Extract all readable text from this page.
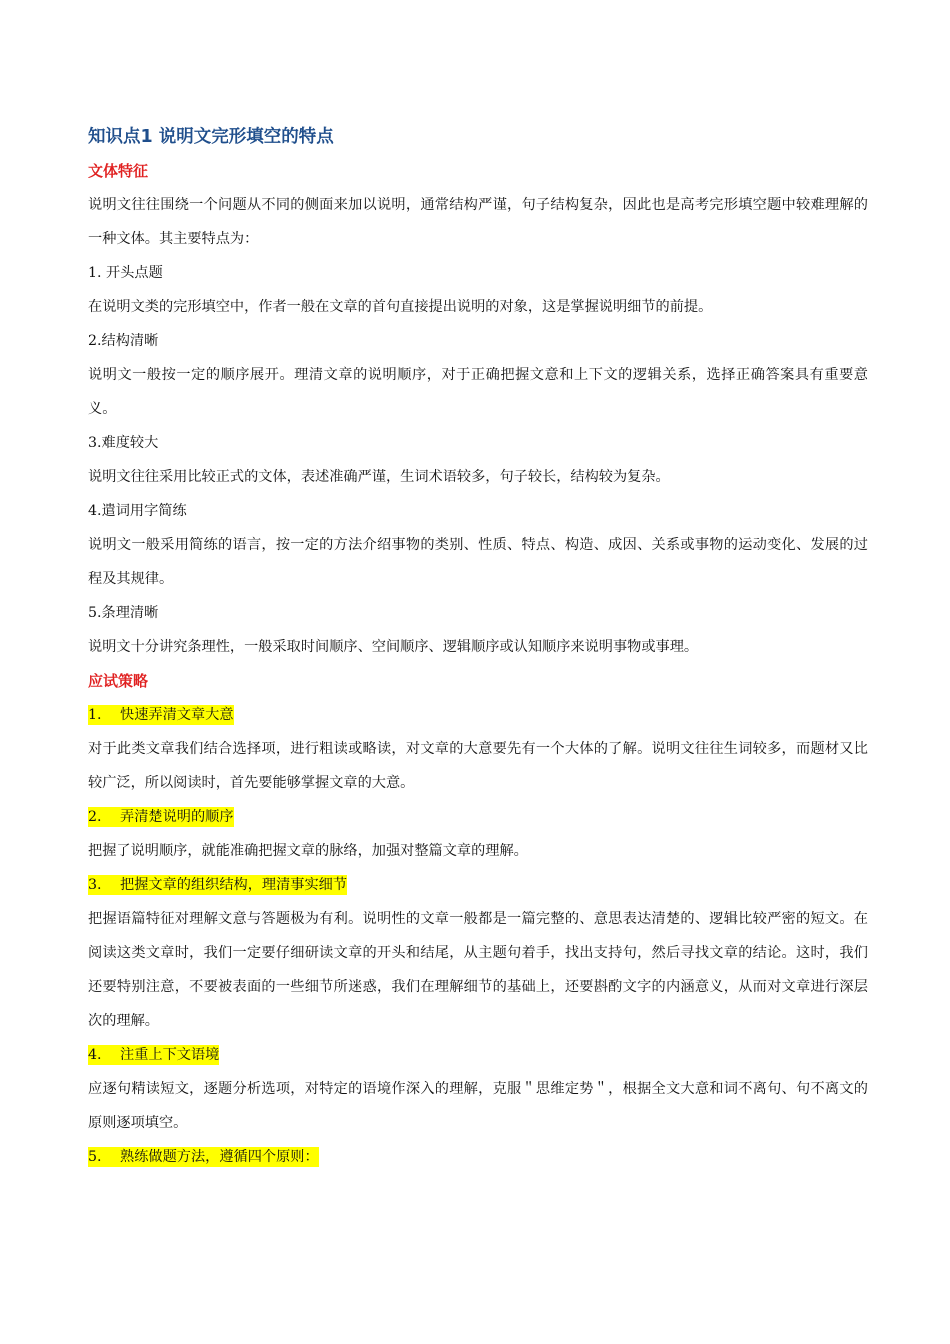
知识点1 说明文完形填空的特点
文体特征

说明文往往围绕一个问题从不同的侧面来加以说明，通常结构严谨，句子结构复杂，因此也是高考完形填空题中较难理解的一种文体。其主要特点为：

1. 开头点题

在说明文类的完形填空中，作者一般在文章的首句直接提出说明的对象，这是掌握说明细节的前提。

2.结构清晰

说明文一般按一定的顺序展开。理清文章的说明顺序，对于正确把握文意和上下文的逻辑关系，选择正确答案具有重要意义。

3.难度较大

说明文往往采用比较正式的文体，表述准确严谨，生词术语较多，句子较长，结构较为复杂。

4.遣词用字简练

说明文一般采用简练的语言，按一定的方法介绍事物的类别、性质、特点、构造、成因、关系或事物的运动变化、发展的过程及其规律。

5.条理清晰

说明文十分讲究条理性，一般采取时间顺序、空间顺序、逻辑顺序或认知顺序来说明事物或事理。

应试策略
1. 快速弄清文章大意

对于此类文章我们结合选择项，进行粗读或略读，对文章的大意要先有一个大体的了解。说明文往往生词较多，而题材又比较广泛，所以阅读时，首先要能够掌握文章的大意。

2. 弄清楚说明的顺序

把握了说明顺序，就能准确把握文章的脉络，加强对整篇文章的理解。

3. 把握文章的组织结构，理清事实细节

把握语篇特征对理解文意与答题极为有利。说明性的文章一般都是一篇完整的、意思表达清楚的、逻辑比较严密的短文。在阅读这类文章时，我们一定要仔细研读文章的开头和结尾，从主题句着手，找出支持句，然后寻找文章的结论。这时，我们还要特别注意，不要被表面的一些细节所迷惑，我们在理解细节的基础上，还要斟酌文字的内涵意义，从而对文章进行深层次的理解。

4. 注重上下文语境

应逐句精读短文，逐题分析选项，对特定的语境作深入的理解，克服＂思维定势＂，根据全文大意和词不离句、句不离文的原则逐项填空。

5. 熟练做题方法，遵循四个原则：
